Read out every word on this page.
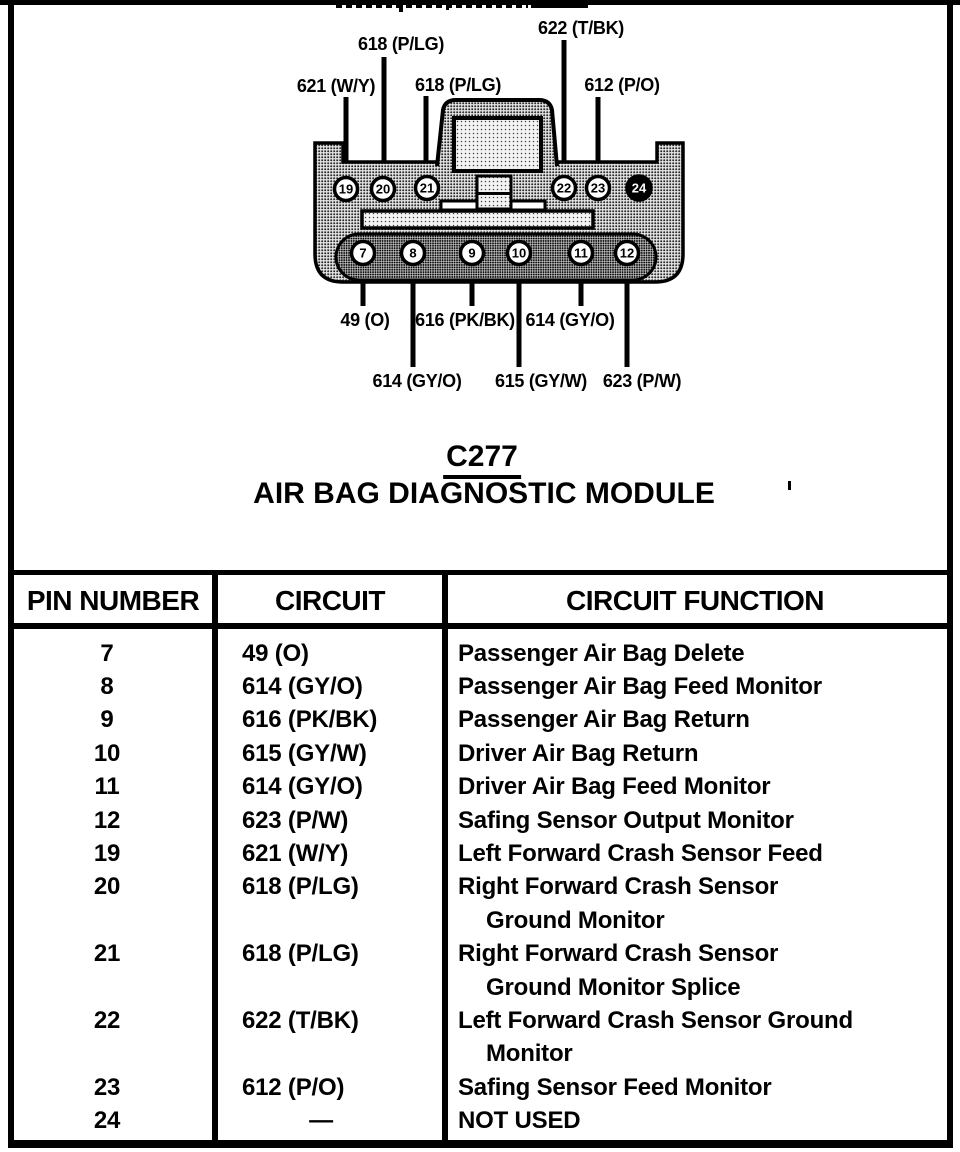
19 20 21	22 23 24
7	8	9	10	11 12
621 (W/Y)
618 (P/LG)
618 (P/LG)
622 (T/BK)
612 (P/O)
49 (O)
614 (GY/O)
616 (PK/BK)
615 (GY/W)
614 (GY/O)
623 (P/W)
C277
AIR BAG DIAGNOSTIC MODULE
PIN NUMBER	CIRCUIT	CIRCUIT FUNCTION
7	49 (O)	Passenger Air Bag Delete
8	614 (GY/O)	Passenger Air Bag Feed Monitor
9	616 (PK/BK)	Passenger Air Bag Return
10	615 (GY/W)	Driver Air Bag Return
11	614 (GY/O)	Driver Air Bag Feed Monitor
12	623 (P/W)	Safing Sensor Output Monitor
19	621 (W/Y)	Left Forward Crash Sensor Feed
20	618 (P/LG)	Right Forward Crash Sensor
Ground Monitor
21	618 (P/LG)	Right Forward Crash Sensor
Ground Monitor Splice
22	622 (T/BK)	Left Forward Crash Sensor Ground
Monitor
23	612 (P/O)	Safing Sensor Feed Monitor
24	—	NOT USED
